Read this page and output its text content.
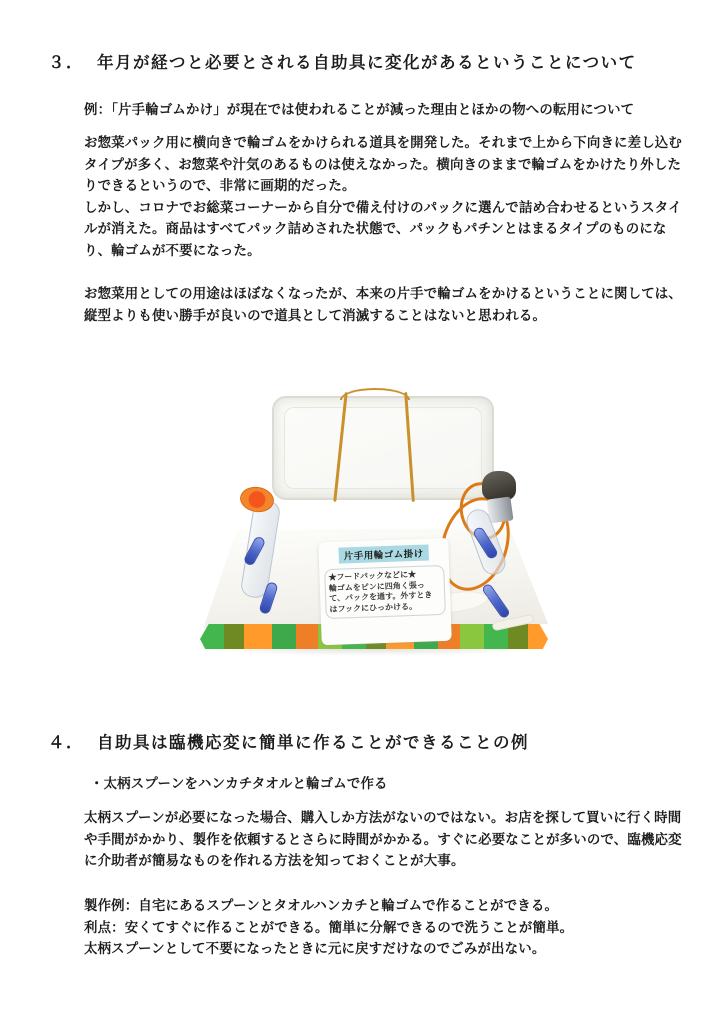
３． 年月が経つと必要とされる自助具に変化があるということについて
例：「片手輪ゴムかけ」が現在では使われることが減った理由とほかの物への転用について
お惣菜パック用に横向きで輪ゴムをかけられる道具を開発した。それまで上から下向きに差し込む
タイプが多く、お惣菜や汁気のあるものは使えなかった。横向きのままで輪ゴムをかけたり外した
りできるというので、非常に画期的だった。
しかし、コロナでお総菜コーナーから自分で備え付けのパックに選んで詰め合わせるというスタイ
ルが消えた。商品はすべてパック詰めされた状態で、パックもパチンとはまるタイプのものにな
り、輪ゴムが不要になった。
お惣菜用としての用途はほぼなくなったが、本来の片手で輪ゴムをかけるということに関しては、
縦型よりも使い勝手が良いので道具として消滅することはないと思われる。
片手用輪ゴム掛け
★フードパックなどに★
輪ゴムをピンに四角く張っ
て、パックを通す。外すとき
はフックにひっかける。
４． 自助具は臨機応変に簡単に作ることができることの例
・太柄スプーンをハンカチタオルと輪ゴムで作る
太柄スプーンが必要になった場合、購入しか方法がないのではない。お店を探して買いに行く時間
や手間がかかり、製作を依頼するとさらに時間がかかる。すぐに必要なことが多いので、臨機応変
に介助者が簡易なものを作れる方法を知っておくことが大事。
製作例：自宅にあるスプーンとタオルハンカチと輪ゴムで作ることができる。
利点：安くてすぐに作ることができる。簡単に分解できるので洗うことが簡単。
太柄スプーンとして不要になったときに元に戻すだけなのでごみが出ない。
